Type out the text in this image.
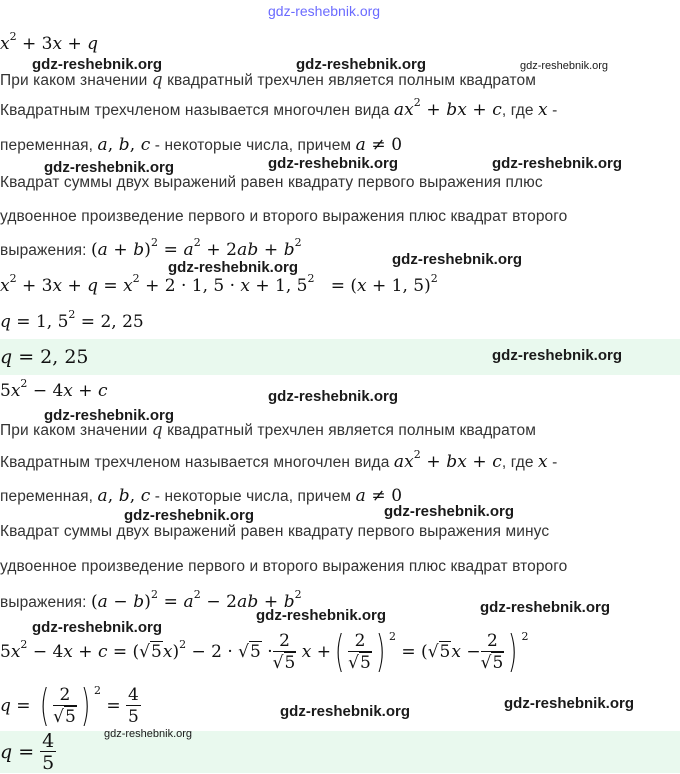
$x^2 + 3x + q$
При каком значении q квадратный трехчлен является полным квадратом
Квадратным трехчленом называется многочлен вида $ax^2$ + bx + c, где x -
переменная, a, b, c - некоторые числа, причем a ≠ 0
Квадрат суммы двух выражений равен квадрату первого выражения плюс
удвоенное произведение первого и второго выражения плюс квадрат второго
выражения: $(a + b)^2 = a^2 + 2ab + b^2$
$x^2 + 3x + q = x^2 + 2 \cdot 1$, 5 · x + 1, $5^2 = (x + 1$, 5)$^2$
q = 1, $5^2 = 2$, 25
q = 2, 25
$5x^2 - 4x + c$
При каком значении q квадратный трехчлен является полным квадратом
Квадратным трехчленом называется многочлен вида $ax^2$ + bx + c, где x -
переменная, a, b, c - некоторые числа, причем a ≠ 0
Квадрат суммы двух выражений равен квадрату первого выражения минус
удвоенное произведение первого и второго выражения плюс квадрат второго
выражения: $(a - b)^2 = a^2 - 2ab + b^2$
$5x^2 - 4x + c = (√5x)^2 - 2 \cdot √5 \cdot \frac{2}{√5}$ x + ( $\frac{2}{√5}$ ) $^2$
= ($√5x - \frac{2}{√5}$ ) $^2$
q = ( $\frac{2}{√5}$ ) $^2$
= $\frac{4}{5}$
$q = \frac{4}{5}$
gdz-reshebnik.org
gdz-reshebnik.org	gdz-reshebnik.org	gdz-reshebnik.org
gdz-reshebnik.org	gdz-reshebnik.org	gdz-reshebnik.org
gdz-reshebnik.org	gdz-reshebnik.org
gdz-reshebnik.org
gdz-reshebnik.org
gdz-reshebnik.org
gdz-reshebnik.org	gdz-reshebnik.org
gdz-reshebnik.org
gdz-reshebnik.org
gdz-reshebnik.org
gdz-reshebnik.org
gdz-reshebnik.org
gdz-reshebnik.org
